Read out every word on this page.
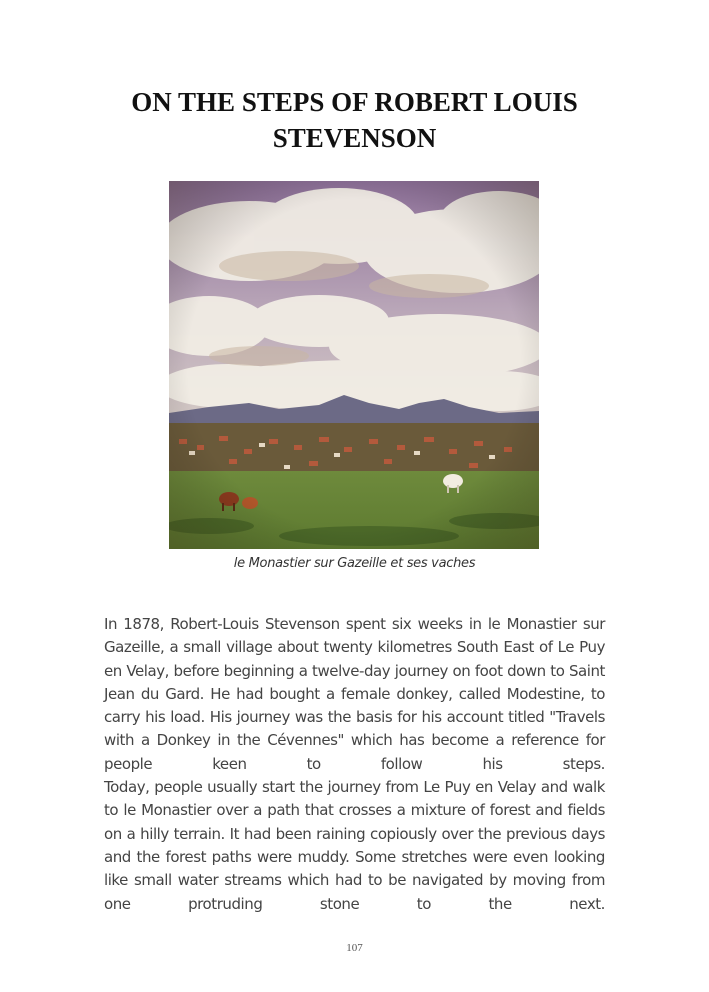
ON THE STEPS OF ROBERT LOUIS STEVENSON
le Monastier sur Gazeille et ses vaches

In 1878, Robert-Louis Stevenson spent six weeks in le Monastier sur Gazeille, a small village about twenty kilometres South East of Le Puy en Velay, before beginning a twelve-day journey on foot down to Saint Jean du Gard. He had bought a female donkey, called Modestine, to carry his load. His journey was the basis for his account titled "Travels with a Donkey in the Cévennes" which has become a reference for people keen to follow his steps.

Today, people usually start the journey from Le Puy en Velay and walk to le Monastier over a path that crosses a mixture of forest and fields on a hilly terrain. It had been raining copiously over the previous days and the forest paths were muddy. Some stretches were even looking like small water streams which had to be navigated by moving from one protruding stone to the next.

107
